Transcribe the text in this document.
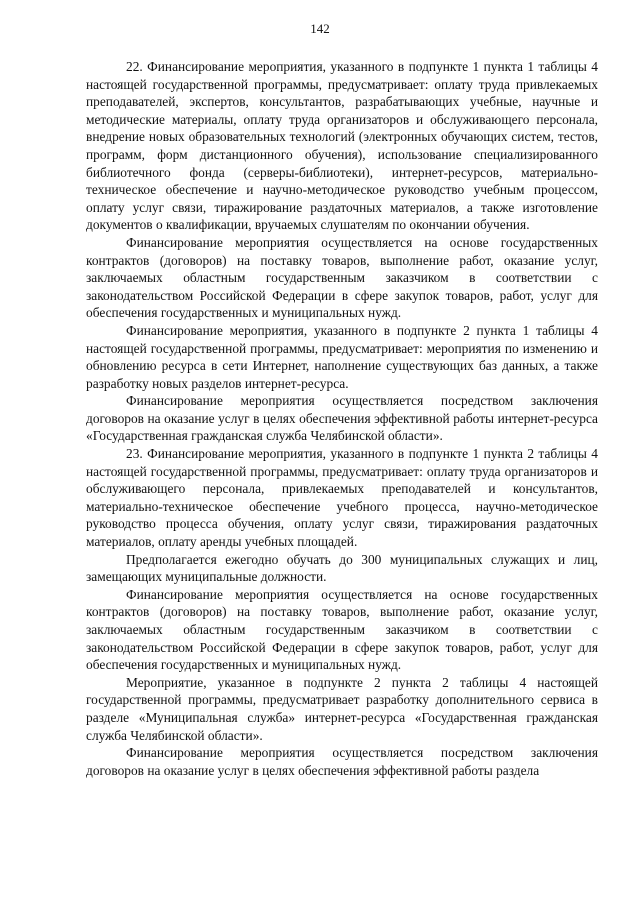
142

22. Финансирование мероприятия, указанного в подпункте 1 пункта 1 таблицы 4 настоящей государственной программы, предусматривает: оплату труда привлекаемых преподавателей, экспертов, консультантов, разрабатывающих учебные, научные и методические материалы, оплату труда организаторов и обслуживающего персонала, внедрение новых образовательных технологий (электронных обучающих систем, тестов, программ, форм дистанционного обучения), использование специализированного библиотечного фонда (серверы-библиотеки), интернет-ресурсов, материально-техническое обеспечение и научно-методическое руководство учебным процессом, оплату услуг связи, тиражирование раздаточных материалов, а также изготовление документов о квалификации, вручаемых слушателям по окончании обучения.

Финансирование мероприятия осуществляется на основе государственных контрактов (договоров) на поставку товаров, выполнение работ, оказание услуг, заключаемых областным государственным заказчиком в соответствии с законодательством Российской Федерации в сфере закупок товаров, работ, услуг для обеспечения государственных и муниципальных нужд.

Финансирование мероприятия, указанного в подпункте 2 пункта 1 таблицы 4 настоящей государственной программы, предусматривает: мероприятия по изменению и обновлению ресурса в сети Интернет, наполнение существующих баз данных, а также разработку новых разделов интернет-ресурса.

Финансирование мероприятия осуществляется посредством заключения договоров на оказание услуг в целях обеспечения эффективной работы интернет-ресурса «Государственная гражданская служба Челябинской области».

23. Финансирование мероприятия, указанного в подпункте 1 пункта 2 таблицы 4 настоящей государственной программы, предусматривает: оплату труда организаторов и обслуживающего персонала, привлекаемых преподавателей и консультантов, материально-техническое обеспечение учебного процесса, научно-методическое руководство процесса обучения, оплату услуг связи, тиражирования раздаточных материалов, оплату аренды учебных площадей.

Предполагается ежегодно обучать до 300 муниципальных служащих и лиц, замещающих муниципальные должности.

Финансирование мероприятия осуществляется на основе государственных контрактов (договоров) на поставку товаров, выполнение работ, оказание услуг, заключаемых областным государственным заказчиком в соответствии с законодательством Российской Федерации в сфере закупок товаров, работ, услуг для обеспечения государственных и муниципальных нужд.

Мероприятие, указанное в подпункте 2 пункта 2 таблицы 4 настоящей государственной программы, предусматривает разработку дополнительного сервиса в разделе «Муниципальная служба» интернет-ресурса «Государственная гражданская служба Челябинской области».

Финансирование мероприятия осуществляется посредством заключения договоров на оказание услуг в целях обеспечения эффективной работы раздела
